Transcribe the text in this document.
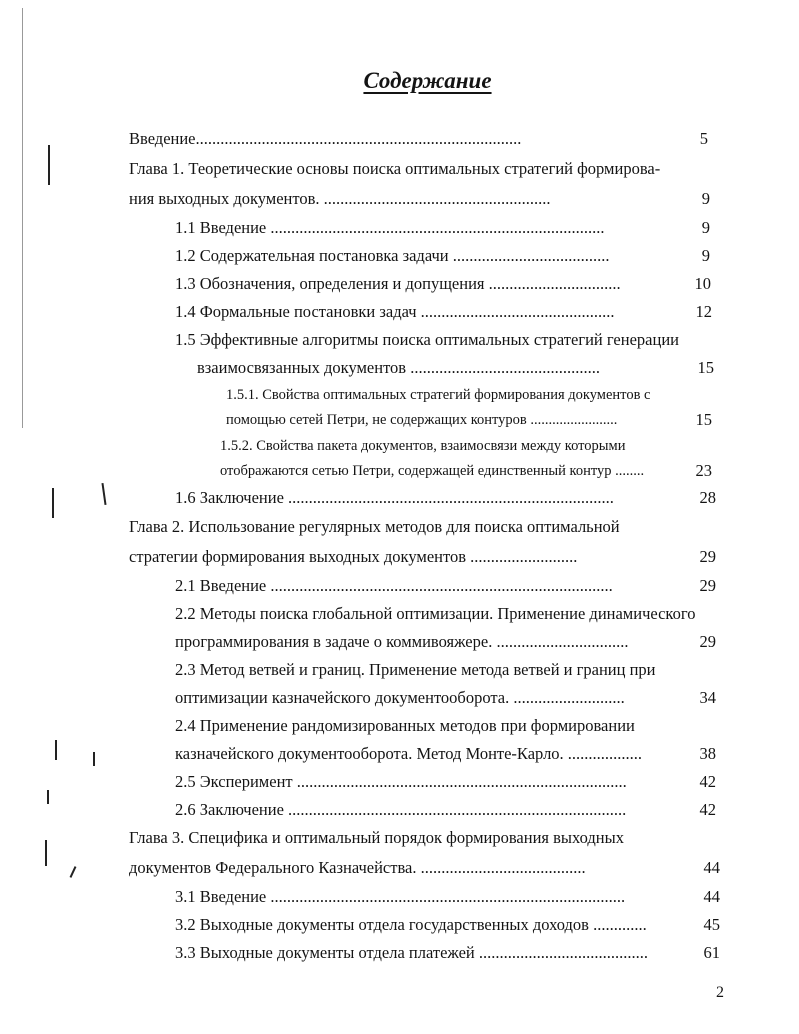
Содержание
Введение...............................................................................	5
Глава 1. Теоретические основы поиска оптимальных стратегий формирова-
ния выходных документов. .......................................................	9
1.1 Введение .................................................................................	9
1.2 Содержательная постановка задачи ......................................	9
1.3 Обозначения, определения и допущения ................................	10
1.4 Формальные постановки задач ...............................................	12
1.5 Эффективные алгоритмы поиска оптимальных стратегий генерации
взаимосвязанных документов ..............................................	15
1.5.1. Свойства оптимальных стратегий формирования документов с
помощью сетей Петри, не содержащих контуров ........................	15
1.5.2. Свойства пакета документов, взаимосвязи между которыми
отображаются сетью Петри, содержащей единственный контур ........	23
1.6 Заключение ...............................................................................	28
Глава 2. Использование регулярных методов для поиска оптимальной
стратегии формирования выходных документов ..........................	29
2.1 Введение ...................................................................................	29
2.2 Методы поиска глобальной оптимизации. Применение динамического
программирования в задаче о коммивояжере. ................................	29
2.3 Метод ветвей и границ. Применение метода ветвей и границ при
оптимизации казначейского документооборота. ...........................	34
2.4 Применение рандомизированных методов при формировании
казначейского документооборота. Метод Монте-Карло. ..................	38
2.5 Эксперимент ................................................................................	42
2.6 Заключение ..................................................................................	42
Глава 3. Специфика и оптимальный порядок формирования выходных
документов Федерального Казначейства. ........................................	44
3.1 Введение ......................................................................................	44
3.2 Выходные документы отдела государственных доходов .............	45
3.3 Выходные документы отдела платежей .........................................	61
2
